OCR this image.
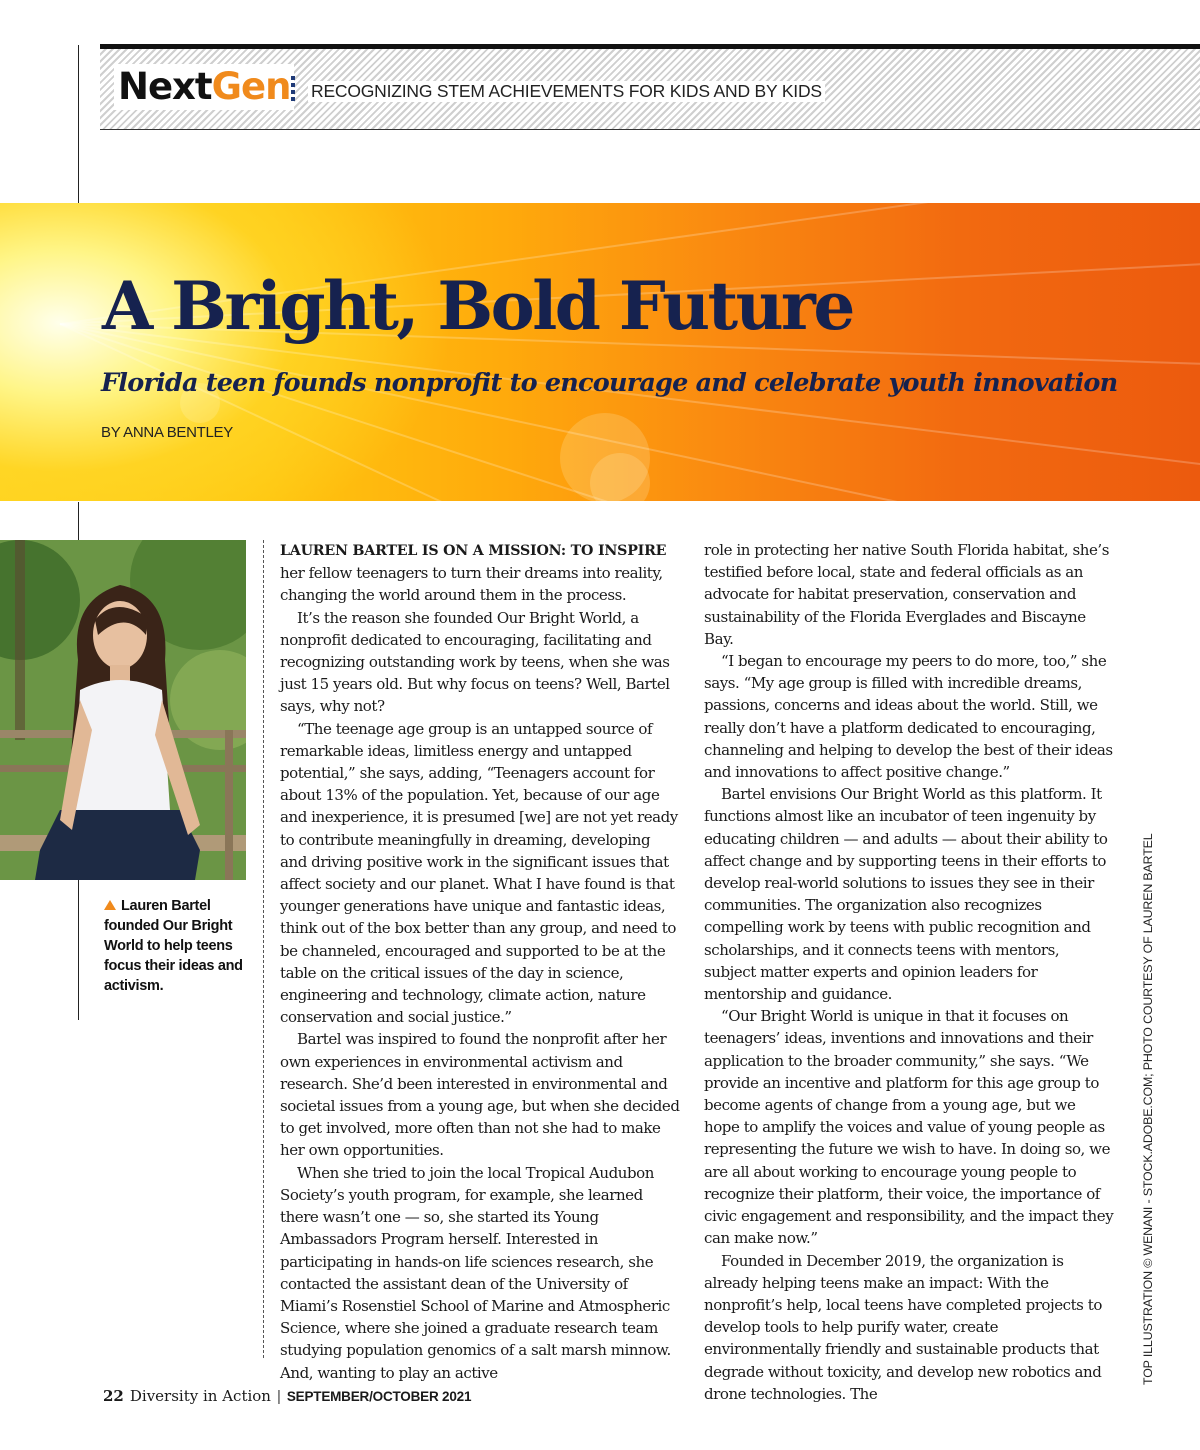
NextGen RECOGNIZING STEM ACHIEVEMENTS FOR KIDS AND BY KIDS
A Bright, Bold Future
Florida teen founds nonprofit to encourage and celebrate youth innovation
BY ANNA BENTLEY
Lauren Bartel founded Our Bright World to help teens focus their ideas and activism.

LAUREN BARTEL IS ON A MISSION: TO INSPIRE her fellow teenagers to turn their dreams into reality, changing the world around them in the process.

It’s the reason she founded Our Bright World, a nonprofit dedicated to encouraging, facilitating and recognizing outstanding work by teens, when she was just 15 years old. But why focus on teens? Well, Bartel says, why not?

“The teenage age group is an untapped source of remarkable ideas, limitless energy and untapped potential,” she says, adding, “Teenagers account for about 13% of the population. Yet, because of our age and inexperience, it is presumed [we] are not yet ready to contribute meaningfully in dreaming, developing and driving positive work in the significant issues that affect society and our planet. What I have found is that younger generations have unique and fantastic ideas, think out of the box better than any group, and need to be channeled, encouraged and supported to be at the table on the critical issues of the day in science, engineering and technology, climate action, nature conservation and social justice.”

Bartel was inspired to found the nonprofit after her own experiences in environmental activism and research. She’d been interested in environmental and societal issues from a young age, but when she decided to get involved, more often than not she had to make her own opportunities.

When she tried to join the local Tropical Audubon Society’s youth program, for example, she learned there wasn’t one — so, she started its Young Ambassadors Program herself. Interested in participating in hands-on life sciences research, she contacted the assistant dean of the University of Miami’s Rosenstiel School of Marine and Atmospheric Science, where she joined a graduate research team studying population genomics of a salt marsh minnow. And, wanting to play an active

role in protecting her native South Florida habitat, she’s testified before local, state and federal officials as an advocate for habitat preservation, conservation and sustainability of the Florida Everglades and Biscayne Bay.

“I began to encourage my peers to do more, too,” she says. “My age group is filled with incredible dreams, passions, concerns and ideas about the world. Still, we really don’t have a platform dedicated to encouraging, channeling and helping to develop the best of their ideas and innovations to affect positive change.”

Bartel envisions Our Bright World as this platform. It functions almost like an incubator of teen ingenuity by educating children — and adults — about their ability to affect change and by supporting teens in their efforts to develop real-world solutions to issues they see in their communities. The organization also recognizes compelling work by teens with public recognition and scholarships, and it connects teens with mentors, subject matter experts and opinion leaders for mentorship and guidance.

“Our Bright World is unique in that it focuses on teenagers’ ideas, inventions and innovations and their application to the broader community,” she says. “We provide an incentive and platform for this age group to become agents of change from a young age, but we hope to amplify the voices and value of young people as representing the future we wish to have. In doing so, we are all about working to encourage young people to recognize their platform, their voice, the importance of civic engagement and responsibility, and the impact they can make now.”

Founded in December 2019, the organization is already helping teens make an impact: With the nonprofit’s help, local teens have completed projects to develop tools to help purify water, create environmentally friendly and sustainable products that degrade without toxicity, and develop new robotics and drone technologies. The

TOP ILLUSTRATION © WENANI - STOCK.ADOBE.COM; PHOTO COURTESY OF LAUREN BARTEL
22 Diversity in Action | SEPTEMBER/OCTOBER 2021
